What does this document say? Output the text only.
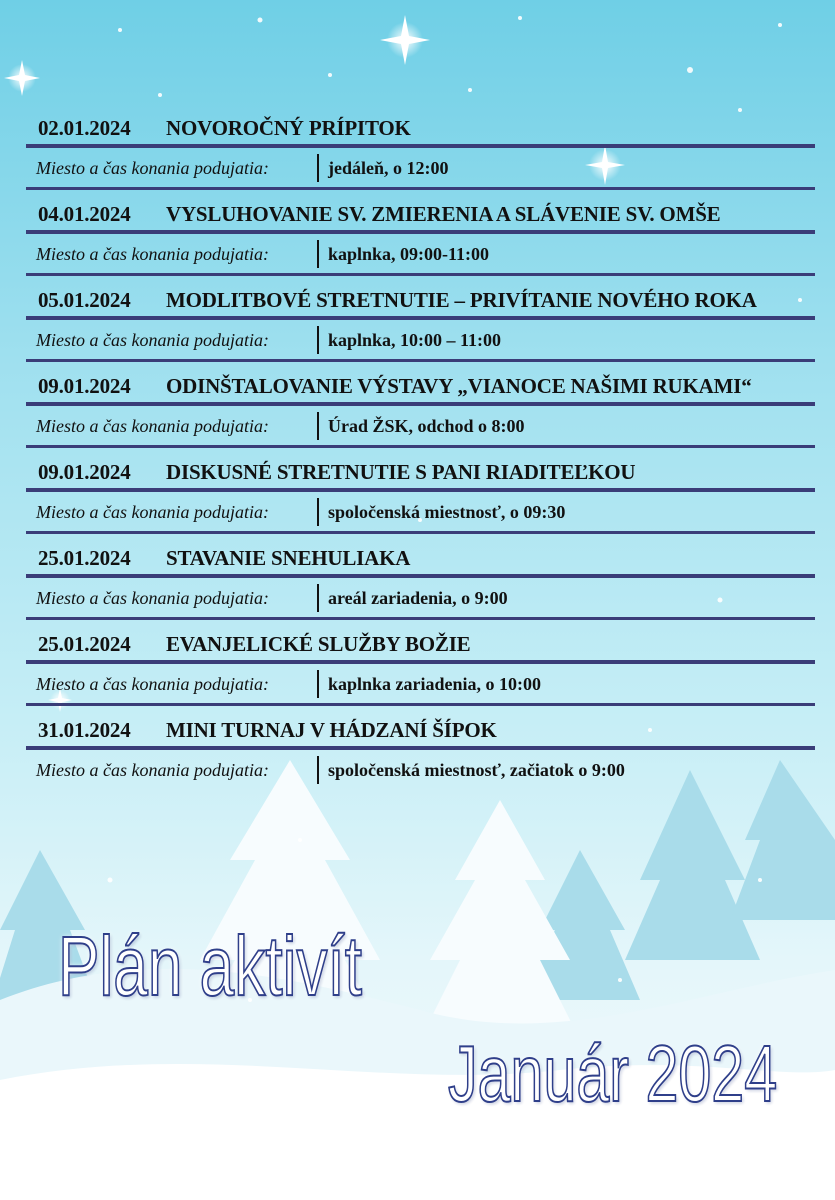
02.01.2024 NOVOROČNÝ PRÍPITOK
Miesto a čas konania podujatia:	jedáleň, o 12:00
04.01.2024 VYSLUHOVANIE SV. ZMIERENIA A SLÁVENIE SV. OMŠE
Miesto a čas konania podujatia:	kaplnka, 09:00-11:00
05.01.2024 MODLITBOVÉ STRETNUTIE – PRIVÍTANIE NOVÉHO ROKA
Miesto a čas konania podujatia:	kaplnka, 10:00 – 11:00
09.01.2024 ODINŠTALOVANIE VÝSTAVY „VIANOCE NAŠIMI RUKAMI“
Miesto a čas konania podujatia:	Úrad ŽSK, odchod o 8:00
09.01.2024 DISKUSNÉ STRETNUTIE S PANI RIADITEĽKOU
Miesto a čas konania podujatia:	spoločenská miestnosť, o 09:30
25.01.2024 STAVANIE SNEHULIAKA
Miesto a čas konania podujatia:	areál zariadenia, o 9:00
25.01.2024 EVANJELICKÉ SLUŽBY BOŽIE
Miesto a čas konania podujatia:	kaplnka zariadenia, o 10:00
31.01.2024 MINI TURNAJ V HÁDZANÍ ŠÍPOK
Miesto a čas konania podujatia:	spoločenská miestnosť, začiatok o 9:00
Plán aktivít
Január 2024
